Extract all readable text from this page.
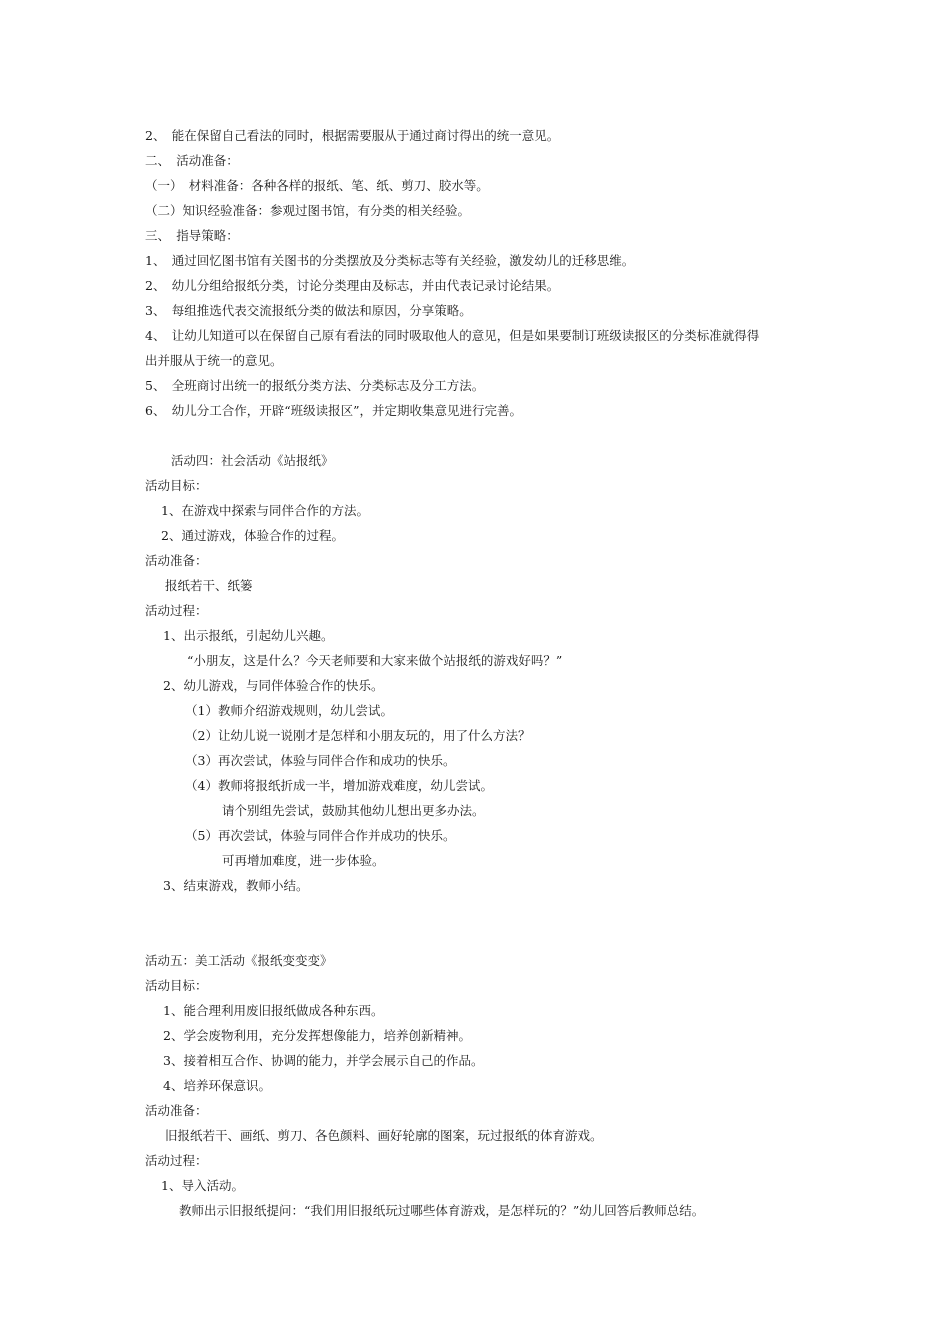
2、　能在保留自己看法的同时，根据需要服从于通过商讨得出的统一意见。
二、　活动准备：
（一）　材料准备：各种各样的报纸、笔、纸、剪刀、胶水等。
（二）知识经验准备：参观过图书馆，有分类的相关经验。
三、　指导策略：
1、　通过回忆图书馆有关图书的分类摆放及分类标志等有关经验，激发幼儿的迁移思维。
2、　幼儿分组给报纸分类，讨论分类理由及标志，并由代表记录讨论结果。
3、　每组推选代表交流报纸分类的做法和原因，分享策略。
4、　让幼儿知道可以在保留自己原有看法的同时吸取他人的意见，但是如果要制订班级读报区的分类标准就得得
出并服从于统一的意见。
5、　全班商讨出统一的报纸分类方法、分类标志及分工方法。
6、　幼儿分工合作，开辟“班级读报区”，并定期收集意见进行完善。
活动四：社会活动《站报纸》
活动目标：
1、在游戏中探索与同伴合作的方法。
2、通过游戏，体验合作的过程。
活动准备：
报纸若干、纸篓
活动过程：
1、出示报纸，引起幼儿兴趣。
“小朋友，这是什么？今天老师要和大家来做个站报纸的游戏好吗？”
2、幼儿游戏，与同伴体验合作的快乐。
（1）教师介绍游戏规则，幼儿尝试。
（2）让幼儿说一说刚才是怎样和小朋友玩的，用了什么方法？
（3）再次尝试，体验与同伴合作和成功的快乐。
（4）教师将报纸折成一半，增加游戏难度，幼儿尝试。
请个别组先尝试，鼓励其他幼儿想出更多办法。
（5）再次尝试，体验与同伴合作并成功的快乐。
可再增加难度，进一步体验。
3、结束游戏，教师小结。
活动五：美工活动《报纸变变变》
活动目标：
1、能合理利用废旧报纸做成各种东西。
2、学会废物利用，充分发挥想像能力，培养创新精神。
3、接着相互合作、协调的能力，并学会展示自己的作品。
4、培养环保意识。
活动准备：
旧报纸若干、画纸、剪刀、各色颜料、画好轮廓的图案，玩过报纸的体育游戏。
活动过程：
1、导入活动。
教师出示旧报纸提问：“我们用旧报纸玩过哪些体育游戏，是怎样玩的？”幼儿回答后教师总结。
